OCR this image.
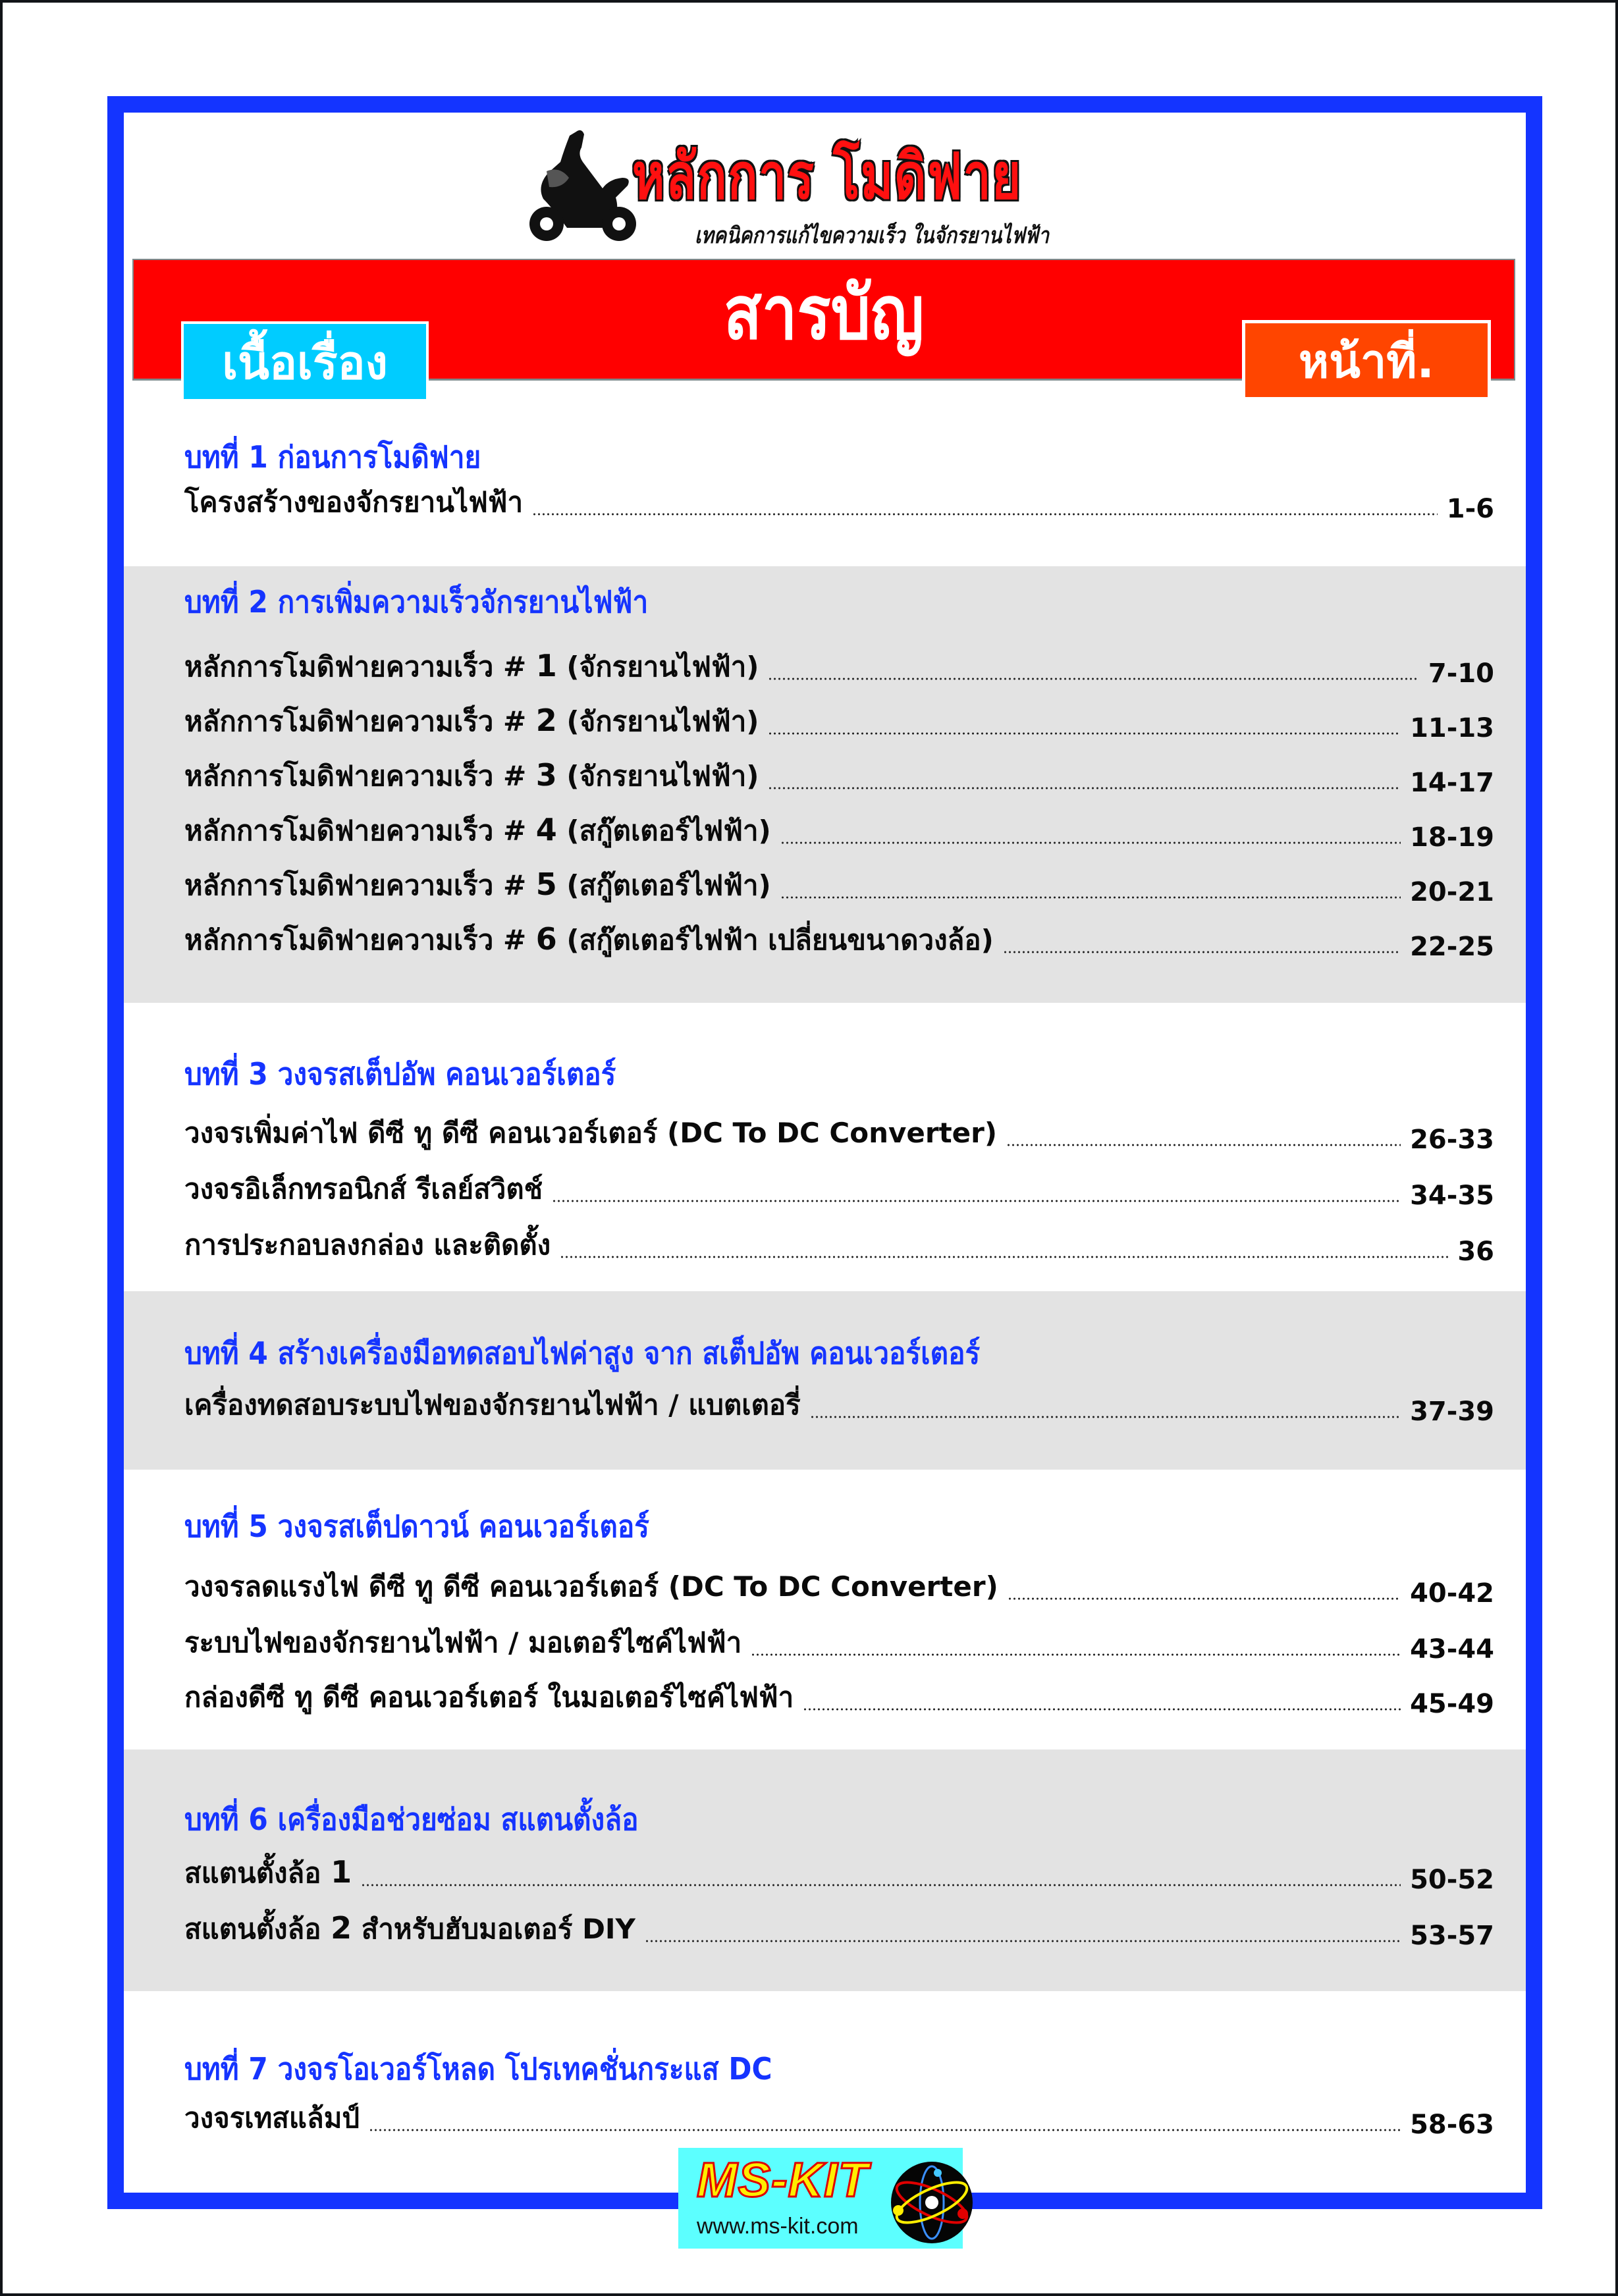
หลักการ โมดิฟาย
เทคนิคการแก้ไขความเร็ว ในจักรยานไฟฟ้า
สารบัญ
เนื้อเรื่อง	หน้าที่.
บทที่ 1 ก่อนการโมดิฟาย
โครงสร้างของจักรยานไฟฟ้า	1-6
บทที่ 2 การเพิ่มความเร็วจักรยานไฟฟ้า
หลักการโมดิฟายความเร็ว # 1 (จักรยานไฟฟ้า)	7-10
หลักการโมดิฟายความเร็ว # 2 (จักรยานไฟฟ้า)	11-13
หลักการโมดิฟายความเร็ว # 3 (จักรยานไฟฟ้า)	14-17
หลักการโมดิฟายความเร็ว # 4 (สกู๊ตเตอร์ไฟฟ้า)	18-19
หลักการโมดิฟายความเร็ว # 5 (สกู๊ตเตอร์ไฟฟ้า)	20-21
หลักการโมดิฟายความเร็ว # 6 (สกู๊ตเตอร์ไฟฟ้า เปลี่ยนขนาดวงล้อ)	22-25
บทที่ 3 วงจรสเต็ปอัพ คอนเวอร์เตอร์
วงจรเพิ่มค่าไฟ ดีซี ทู ดีซี คอนเวอร์เตอร์ (DC To DC Converter)	26-33
วงจรอิเล็กทรอนิกส์ รีเลย์สวิตช์	34-35
การประกอบลงกล่อง และติดตั้ง	36
บทที่ 4 สร้างเครื่องมือทดสอบไฟค่าสูง จาก สเต็ปอัพ คอนเวอร์เตอร์
เครื่องทดสอบระบบไฟของจักรยานไฟฟ้า / แบตเตอรี่	37-39
บทที่ 5 วงจรสเต็ปดาวน์ คอนเวอร์เตอร์
วงจรลดแรงไฟ ดีซี ทู ดีซี คอนเวอร์เตอร์ (DC To DC Converter)	40-42
ระบบไฟของจักรยานไฟฟ้า / มอเตอร์ไซค์ไฟฟ้า	43-44
กล่องดีซี ทู ดีซี คอนเวอร์เตอร์ ในมอเตอร์ไซค์ไฟฟ้า	45-49
บทที่ 6 เครื่องมือช่วยซ่อม สแตนตั้งล้อ
สแตนตั้งล้อ 1	50-52
สแตนตั้งล้อ 2 สำหรับฮับมอเตอร์ DIY	53-57
บทที่ 7 วงจรโอเวอร์โหลด โปรเทคชั่นกระแส DC
วงจรเทสแล้มป์	58-63
MS-KIT
www.ms-kit.com
